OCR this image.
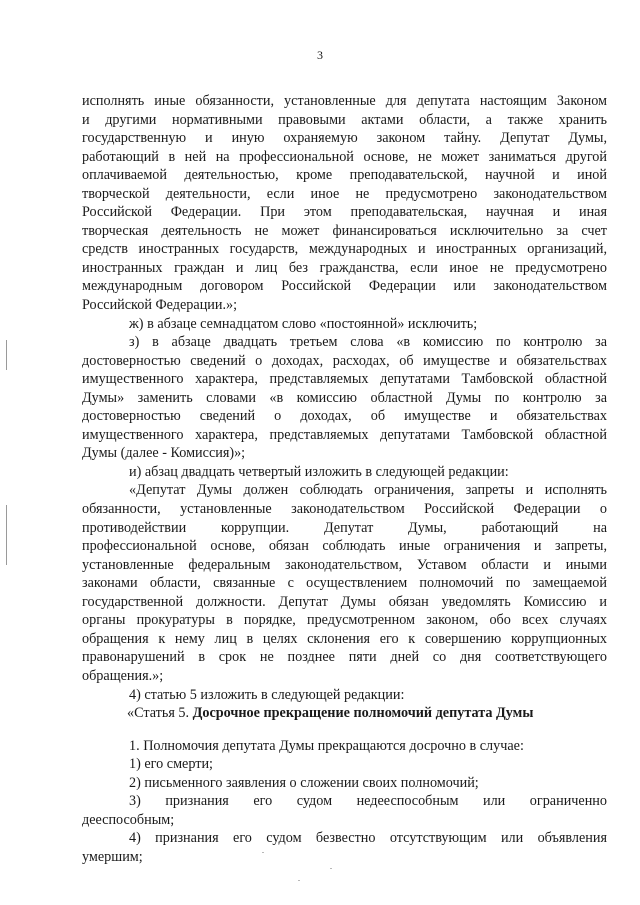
3
исполнять иные обязанности, установленные для депутата настоящим Законом
и другими нормативными правовыми актами области, а также хранить
государственную и иную охраняемую законом тайну. Депутат Думы,
работающий в ней на профессиональной основе, не может заниматься другой
оплачиваемой деятельностью, кроме преподавательской, научной и иной
творческой деятельности, если иное не предусмотрено законодательством
Российской Федерации. При этом преподавательская, научная и иная
творческая деятельность не может финансироваться исключительно за счет
средств иностранных государств, международных и иностранных организаций,
иностранных граждан и лиц без гражданства, если иное не предусмотрено
международным договором Российской Федерации или законодательством
Российской Федерации.»;
ж) в абзаце семнадцатом слово «постоянной» исключить;
з) в абзаце двадцать третьем слова «в комиссию по контролю за
достоверностью сведений о доходах, расходах, об имуществе и обязательствах
имущественного характера, представляемых депутатами Тамбовской областной
Думы» заменить словами «в комиссию областной Думы по контролю за
достоверностью сведений о доходах, об имуществе и обязательствах
имущественного характера, представляемых депутатами Тамбовской областной
Думы (далее - Комиссия)»;
и) абзац двадцать четвертый изложить в следующей редакции:
«Депутат Думы должен соблюдать ограничения, запреты и исполнять
обязанности, установленные законодательством Российской Федерации о
противодействии коррупции. Депутат Думы, работающий на
профессиональной основе, обязан соблюдать иные ограничения и запреты,
установленные федеральным законодательством, Уставом области и иными
законами области, связанные с осуществлением полномочий по замещаемой
государственной должности. Депутат Думы обязан уведомлять Комиссию и
органы прокуратуры в порядке, предусмотренном законом, обо всех случаях
обращения к нему лиц в целях склонения его к совершению коррупционных
правонарушений в срок не позднее пяти дней со дня соответствующего
обращения.»;
4) статью 5 изложить в следующей редакции:
«Статья 5. Досрочное прекращение полномочий депутата Думы
1. Полномочия депутата Думы прекращаются досрочно в случае:
1) его смерти;
2) письменного заявления о сложении своих полномочий;
3) признания его судом недееспособным или ограниченно
дееспособным;
4) признания его судом безвестно отсутствующим или объявления
умершим;
